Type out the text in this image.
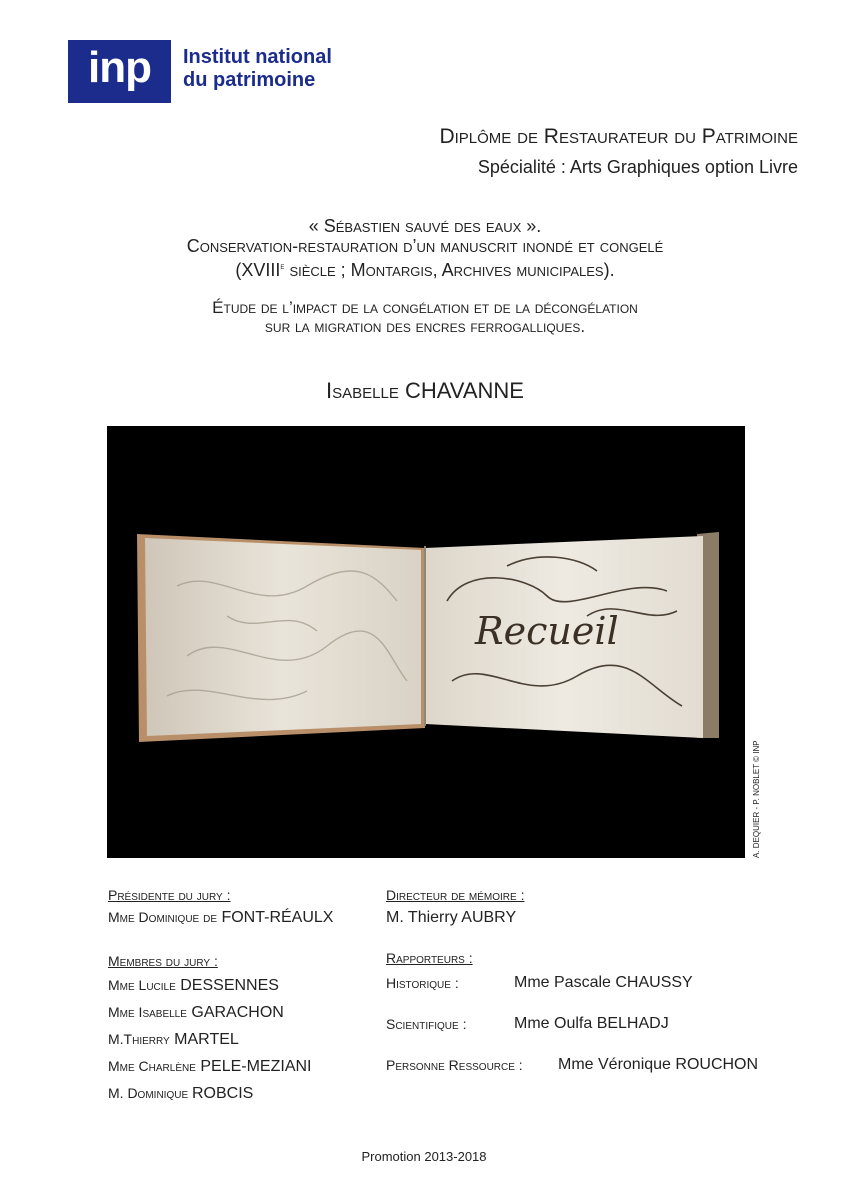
inp	Institut national
du patrimoine
Diplôme de Restaurateur du Patrimoine
Spécialité : Arts Graphiques option Livre
« Sébastien sauvé des eaux ».
Conservation-restauration d’un manuscrit inondé et congelé
(XVIIIe siècle ; Montargis, Archives municipales).
Étude de l’impact de la congélation et de la décongélation
sur la migration des encres ferrogalliques.
Isabelle CHAVANNE
Recueil
A. DEQUIER - P. NOBLET © INP
Présidente du jury :
Mme Dominique de FONT-RÉAULX
Membres du jury :
Mme Lucile DESSENNES
Mme Isabelle GARACHON
M.Thierry MARTEL
Mme Charlène PELE-MEZIANI
M. Dominique ROBCIS
Directeur de mémoire :
M. Thierry AUBRY
Rapporteurs :
Historique :	Mme Pascale CHAUSSY
Scientifique :	Mme Oulfa BELHADJ
Personne Ressource : Mme Véronique ROUCHON
Promotion 2013-2018
